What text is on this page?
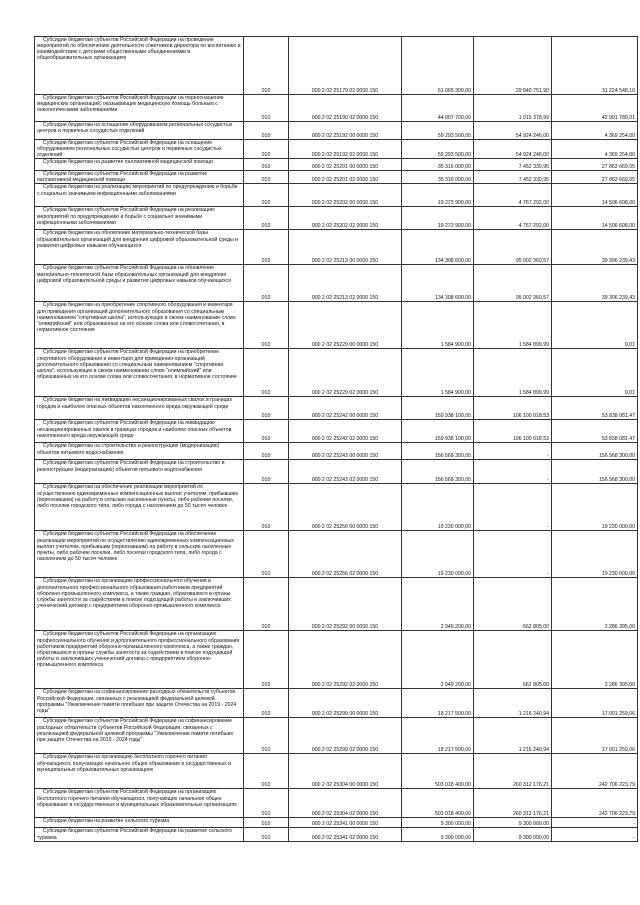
Субсидии бюджетам субъектов Российской Федерации на проведение мероприятий по обеспечению деятельности советников директора по воспитанию и взаимодействию с детскими общественными объединениями в общеобразовательных организациях	010	000 2 02 25179 02 0000 150	61 065 300,00	29 840 751,90	31 224 548,10
Субсидии бюджетам субъектов Российской Федерации на переоснащение медицинских организаций, оказывающих медицинскую помощь больным с онкологическими заболеваниями	010	000 2 02 25190 02 0000 150	44 007 700,00	1 015 378,99	42 991 789,01
Субсидии бюджетам на оснащение оборудованием региональных сосудистых центров и первичных сосудистых отделений	010	000 2 02 25192 00 0000 150	59 293 500,00	54 924 246,00	4 369 254,00
Субсидии бюджетам субъектов Российской Федерации на оснащение оборудованием региональных сосудистых центров и первичных сосудистых отделений	010	000 2 02 25192 02 0000 150	59 293 500,00	54 924 246,00	4 369 254,00
Субсидии бюджетам на развитие паллиативной медицинской помощи	010	000 2 02 25201 00 0000 150	35 316 000,00	7 452 330,95	27 863 669,05
Субсидии бюджетам субъектов Российской Федерации на развитие паллиативной медицинской помощи	010	000 2 02 25201 02 0000 150	35 316 000,00	7 452 330,95	27 863 669,05
Субсидии бюджетам на реализацию мероприятий по предупреждению и борьбе с социально значимыми инфекционными заболеваниями	010	000 2 02 25202 00 0000 150	19 273 900,00	4 767 292,00	14 506 608,00
Субсидии бюджетам субъектов Российской Федерации на реализацию мероприятий по предупреждению и борьбе с социально значимыми инфекционными заболеваниями	010	000 2 02 25202 02 0000 150	19 273 900,00	4 767 292,00	14 506 608,00
Субсидии бюджетам на обновление материально-технической базы образовательных организаций для внедрения цифровой образовательной среды и развития цифровых навыков обучающихся	010	000 2 02 25213 00 0000 150	134 308 600,00	95 002 360,57	39 306 239,43
Субсидии бюджетам субъектов Российской Федерации на обновление материально-технической базы образовательных организаций для внедрения цифровой образовательной среды и развития цифровых навыков обучающихся	010	000 2 02 25213 02 0000 150	134 308 600,00	95 002 360,57	39 306 239,43
Субсидии бюджетам на приобретение спортивного оборудования и инвентаря для приведения организаций дополнительного образования со специальным наименованием "спортивная школа", использующих в своем наименовании слово "олимпийский" или образованных на его основе слова или словосочетания, в нормативное состояние	010	000 2 02 25229 00 0000 150	1 584 900,00	1 584 899,99	0,01
Субсидии бюджетам субъектов Российской Федерации на приобретение спортивного оборудования и инвентаря для приведения организаций дополнительного образования со специальным наименованием "спортивная школа", использующих в своем наименовании слово "олимпийский" или образованных на его основе слова или словосочетания, в нормативное состояние	010	000 2 02 25229 02 0000 150	1 584 900,00	1 584 899,99	0,01
Субсидии бюджетам на ликвидацию несанкционированных свалок в границах городов и наиболее опасных объектов накопленного вреда окружающей среде	010	000 2 02 25242 00 0000 150	159 938 100,00	106 100 018,53	53 838 081,47
Субсидии бюджетам субъектов Российской Федерации на ликвидацию несанкционированных свалок в границах городов и наиболее опасных объектов накопленного вреда окружающей среде	010	000 2 02 25242 02 0000 150	159 938 100,00	106 100 018,53	53 838 081,47
Субсидии бюджетам на строительство и реконструкцию (модернизацию) объектов питьевого водоснабжения	010	000 2 02 25243 00 0000 150	156 568 300,00	-	156 568 300,00
Субсидии бюджетам субъектов Российской Федерации на строительство и реконструкцию (модернизацию) объектов питьевого водоснабжения	010	000 2 02 25243 02 0000 150	156 568 300,00	-	156 568 300,00
Субсидии бюджетам на обеспечение реализации мероприятий по осуществлению единовременных компенсационных выплат учителям, прибывшим (переехавшим) на работу в сельские населенные пункты, либо рабочие поселки, либо поселки городского типа, либо города с населением до 50 тысяч человек	010	000 2 02 25256 00 0000 150	19 230 000,00	-	19 230 000,00
Субсидии бюджетам субъектов Российской Федерации на обеспечение реализации мероприятий по осуществлению единовременных компенсационных выплат учителям, прибывшим (переехавшим) на работу в сельские населенные пункты, либо рабочие поселки, либо поселки городского типа, либо города с населением до 50 тысяч человек	010	000 2 02 25256 02 0000 150	19 230 000,00	-	19 230 000,00
Субсидии бюджетам на организацию профессионального обучения и дополнительного профессионального образования работников предприятий оборонно-промышленного комплекса, а также граждан, обратившихся в органы службы занятости за содействием в поиске подходящей работы и заключивших ученический договор с предприятием оборонно-промышленного комплекса	010	000 2 02 25292 00 0000 150	2 949 200,00	662 805,00	2 286 395,00
Субсидии бюджетам субъектов Российской Федерации на организацию профессионального обучения и дополнительного профессионального образования работников предприятий оборонно-промышленного комплекса, а также граждан, обратившихся в органы службы занятости за содействием в поиске подходящей работы и заключивших ученический договор с предприятием оборонно-промышленного комплекса	010	000 2 02 25292 02 0000 150	2 949 200,00	662 805,00	2 286 395,00
Субсидии бюджетам на софинансирование расходных обязательств субъектов Российской Федерации, связанных с реализацией федеральной целевой программы "Увековечение памяти погибших при защите Отечества на 2019 - 2024 годы"	010	000 2 02 25299 00 0000 150	18 217 500,00	1 216 240,94	17 001 259,06
Субсидии бюджетам субъектов Российской Федерации на софинансирование расходных обязательств субъектов Российской Федерации, связанных с реализацией федеральной целевой программы "Увековечение памяти погибших при защите Отечества на 2019 - 2024 годы"	010	000 2 02 25299 02 0000 150	18 217 500,00	1 216 240,94	17 001 259,06
Субсидии бюджетам на организацию бесплатного горячего питания обучающихся, получающих начальное общее образование в государственных и муниципальных образовательных организациях	010	000 2 02 25304 00 0000 150	503 018 400,00	260 312 176,21	242 706 223,79
Субсидии бюджетам субъектов Российской Федерации на организацию бесплатного горячего питания обучающихся, получающих начальное общее образование в государственных и муниципальных образовательных организациях	010	000 2 02 25304 02 0000 150	503 018 400,00	260 312 176,21	242 706 223,79
Субсидии бюджетам на развитие сельского туризма	010	000 2 02 25341 00 0000 150	9 300 000,00	9 300 000,00	-
Субсидии бюджетам субъектов Российской Федерации на развитие сельского туризма	010	000 2 02 25341 02 0000 150	9 300 000,00	9 300 000,00	-
